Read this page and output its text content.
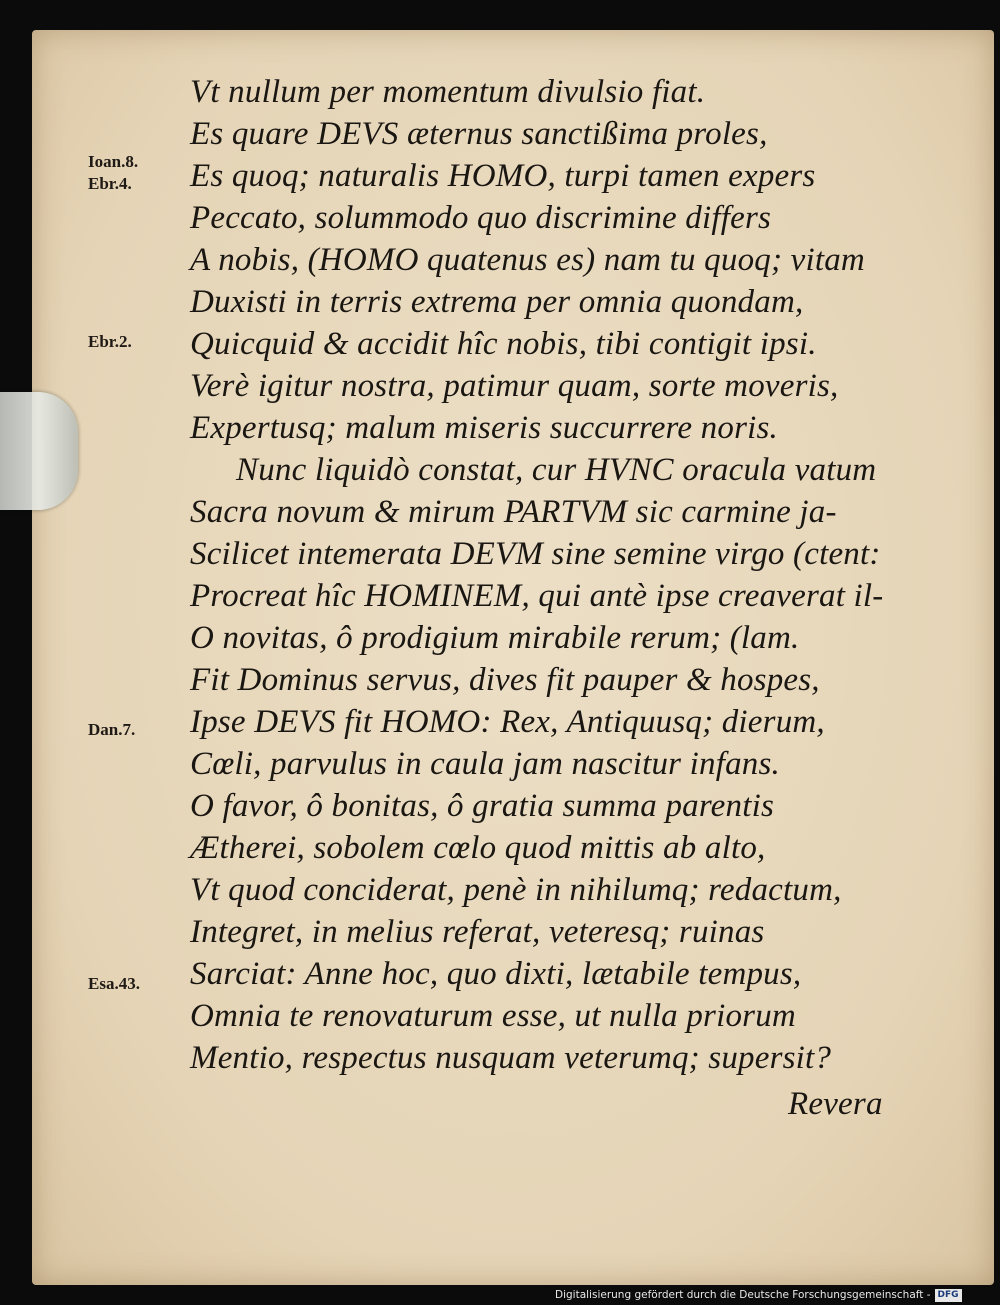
Ioan.8.
Ebr.4.
Ebr.2.
Dan.7.
Esa.43.
Vt nullum per momentum divulsio fiat.
Es quare DEVS æternus sanctißima proles,
Es quoq; naturalis HOMO, turpi tamen expers
Peccato, solummodo quo discrimine differs
A nobis, (HOMO quatenus es) nam tu quoq; vitam
Duxisti in terris extrema per omnia quondam,
Quicquid & accidit hîc nobis, tibi contigit ipsi.
Verè igitur nostra, patimur quam, sorte moveris,
Expertusq; malum miseris succurrere noris.
Nunc liquidò constat, cur HVNC oracula vatum
Sacra novum & mirum PARTVM sic carmine ja-
Scilicet intemerata DEVM sine semine virgo (ctent:
Procreat hîc HOMINEM, qui antè ipse creaverat il-
O novitas, ô prodigium mirabile rerum; (lam.
Fit Dominus servus, dives fit pauper & hospes,
Ipse DEVS fit HOMO: Rex, Antiquusq; dierum,
Cœli, parvulus in caula jam nascitur infans.
O favor, ô bonitas, ô gratia summa parentis
Ætherei, sobolem cœlo quod mittis ab alto,
Vt quod conciderat, penè in nihilumq; redactum,
Integret, in melius referat, veteresq; ruinas
Sarciat: Anne hoc, quo dixti, lætabile tempus,
Omnia te renovaturum esse, ut nulla priorum
Mentio, respectus nusquam veterumq; supersit?
Revera
Digitalisierung gefördert durch die Deutsche Forschungsgemeinschaft - DFG
